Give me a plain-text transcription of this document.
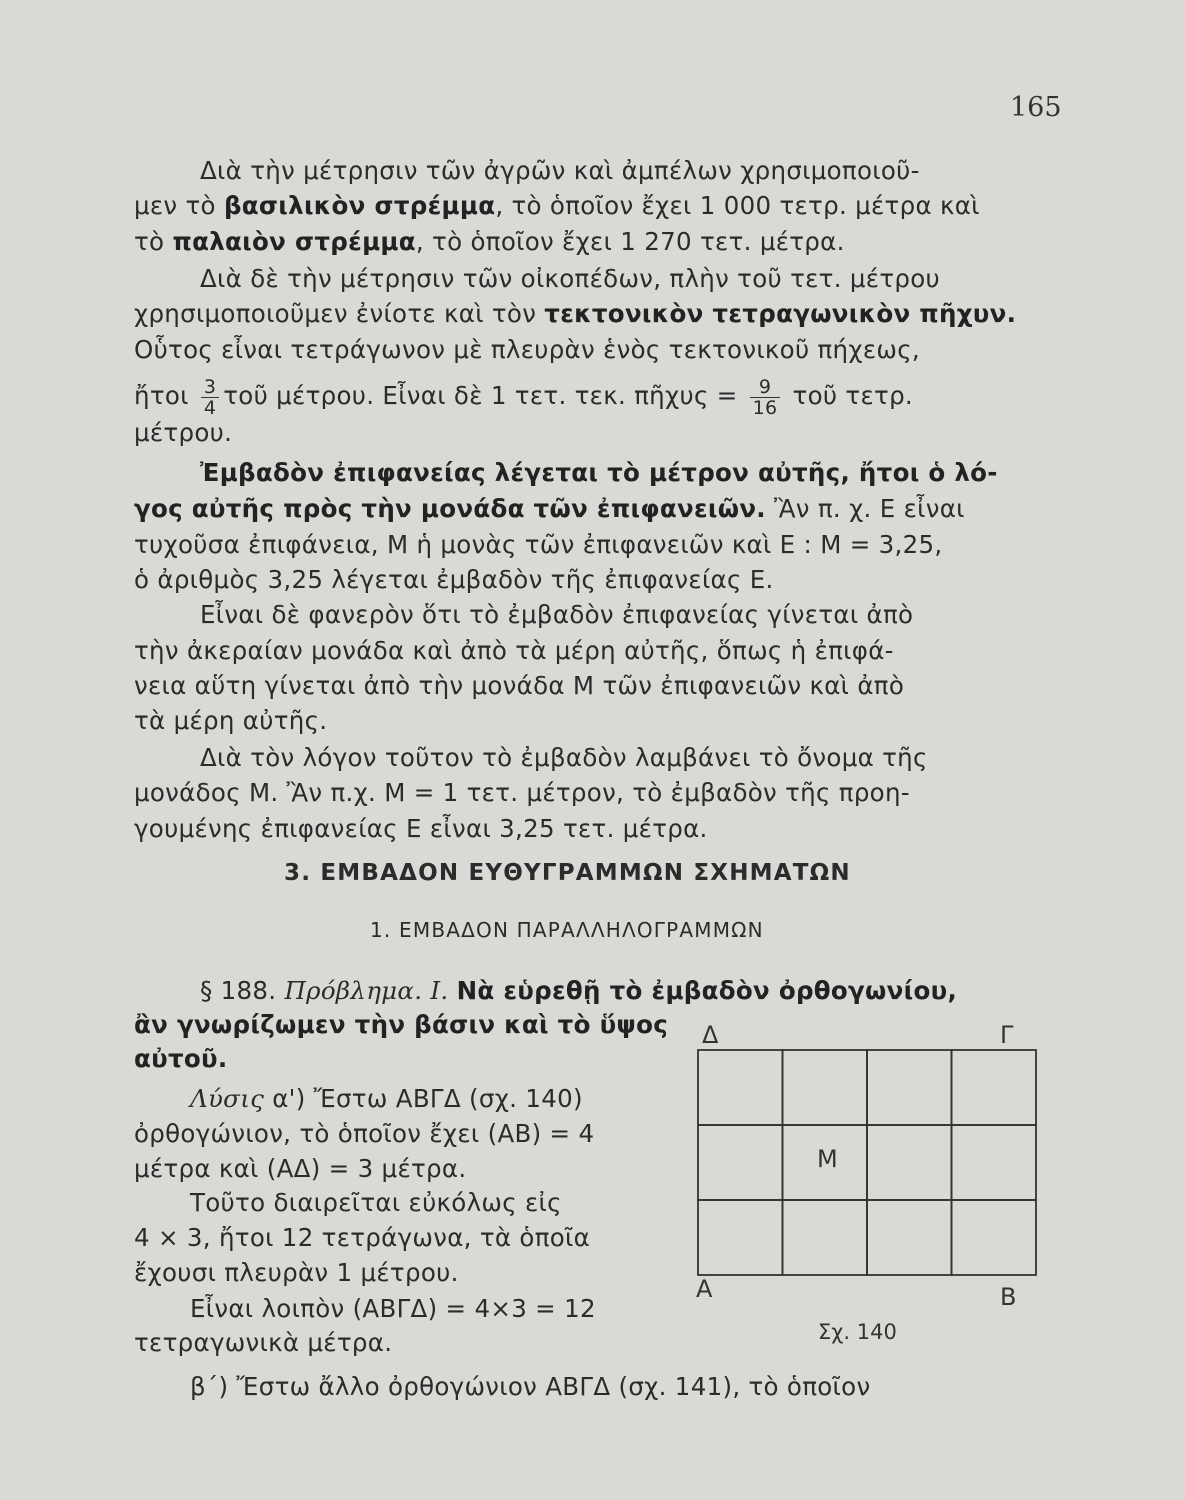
165
Διὰ τὴν μέτρησιν τῶν ἀγρῶν καὶ ἀμπέλων χρησιμοποιοῦ-
μεν τὸ βασιλικὸν στρέμμα, τὸ ὁποῖον ἔχει 1 000 τετρ. μέτρα καὶ
τὸ παλαιὸν στρέμμα, τὸ ὁποῖον ἔχει 1 270 τετ. μέτρα.
Διὰ δὲ τὴν μέτρησιν τῶν οἰκοπέδων, πλὴν τοῦ τετ. μέτρου
χρησιμοποιοῦμεν ἐνίοτε καὶ τὸν τεκτονικὸν τετραγωνικὸν πῆχυν.
Οὗτος εἶναι τετράγωνον μὲ πλευρὰν ἑνὸς τεκτονικοῦ πήχεως,
ἤτοι $\frac{3}{4}$ τοῦ μέτρου. Εἶναι δὲ 1 τετ. τεκ. πῆχυς = $\frac{9}{16}$ τοῦ τετρ.
μέτρου.
Ἐμβαδὸν ἐπιφανείας λέγεται τὸ μέτρον αὐτῆς, ἤτοι ὁ λό-
γος αὐτῆς πρὸς τὴν μονάδα τῶν ἐπιφανειῶν. Ἂν π. χ. Ε εἶναι
τυχοῦσα ἐπιφάνεια, Μ ἡ μονὰς τῶν ἐπιφανειῶν καὶ Ε : Μ = 3,25,
ὁ ἀριθμὸς 3,25 λέγεται ἐμβαδὸν τῆς ἐπιφανείας Ε.
Εἶναι δὲ φανερὸν ὅτι τὸ ἐμβαδὸν ἐπιφανείας γίνεται ἀπὸ
τὴν ἀκεραίαν μονάδα καὶ ἀπὸ τὰ μέρη αὐτῆς, ὅπως ἡ ἐπιφά-
νεια αὕτη γίνεται ἀπὸ τὴν μονάδα Μ τῶν ἐπιφανειῶν καὶ ἀπὸ
τὰ μέρη αὐτῆς.
Διὰ τὸν λόγον τοῦτον τὸ ἐμβαδὸν λαμβάνει τὸ ὄνομα τῆς
μονάδος Μ. Ἂν π.χ. Μ = 1 τετ. μέτρον, τὸ ἐμβαδὸν τῆς προη-
γουμένης ἐπιφανείας Ε εἶναι 3,25 τετ. μέτρα.
3. ΕΜΒΑΔΟΝ ΕΥΘΥΓΡΑΜΜΩΝ ΣΧΗΜΑΤΩΝ
1. ΕΜΒΑΔΟΝ ΠΑΡΑΛΛΗΛΟΓΡΑΜΜΩΝ
§ 188. Πρόβλημα. Ι. Νὰ εὑρεθῇ τὸ ἐμβαδὸν ὀρθογωνίου,
ἂν γνωρίζωμεν τὴν βάσιν καὶ τὸ ὕψος
αὐτοῦ.
Λύσις α') Ἔστω ΑΒΓΔ (σχ. 140)
ὀρθογώνιον, τὸ ὁποῖον ἔχει (ΑΒ) = 4
μέτρα καὶ (ΑΔ) = 3 μέτρα.
Τοῦτο διαιρεῖται εὐκόλως εἰς
4 × 3, ἤτοι 12 τετράγωνα, τὰ ὁποῖα
ἔχουσι πλευρὰν 1 μέτρου.
Εἶναι λοιπὸν (ΑΒΓΔ) = 4×3 = 12
τετραγωνικὰ μέτρα.
β΄) Ἔστω ἄλλο ὀρθογώνιον ΑΒΓΔ (σχ. 141), τὸ ὁποῖον
Δ	Γ
Μ
Α	Β
Σχ. 140
